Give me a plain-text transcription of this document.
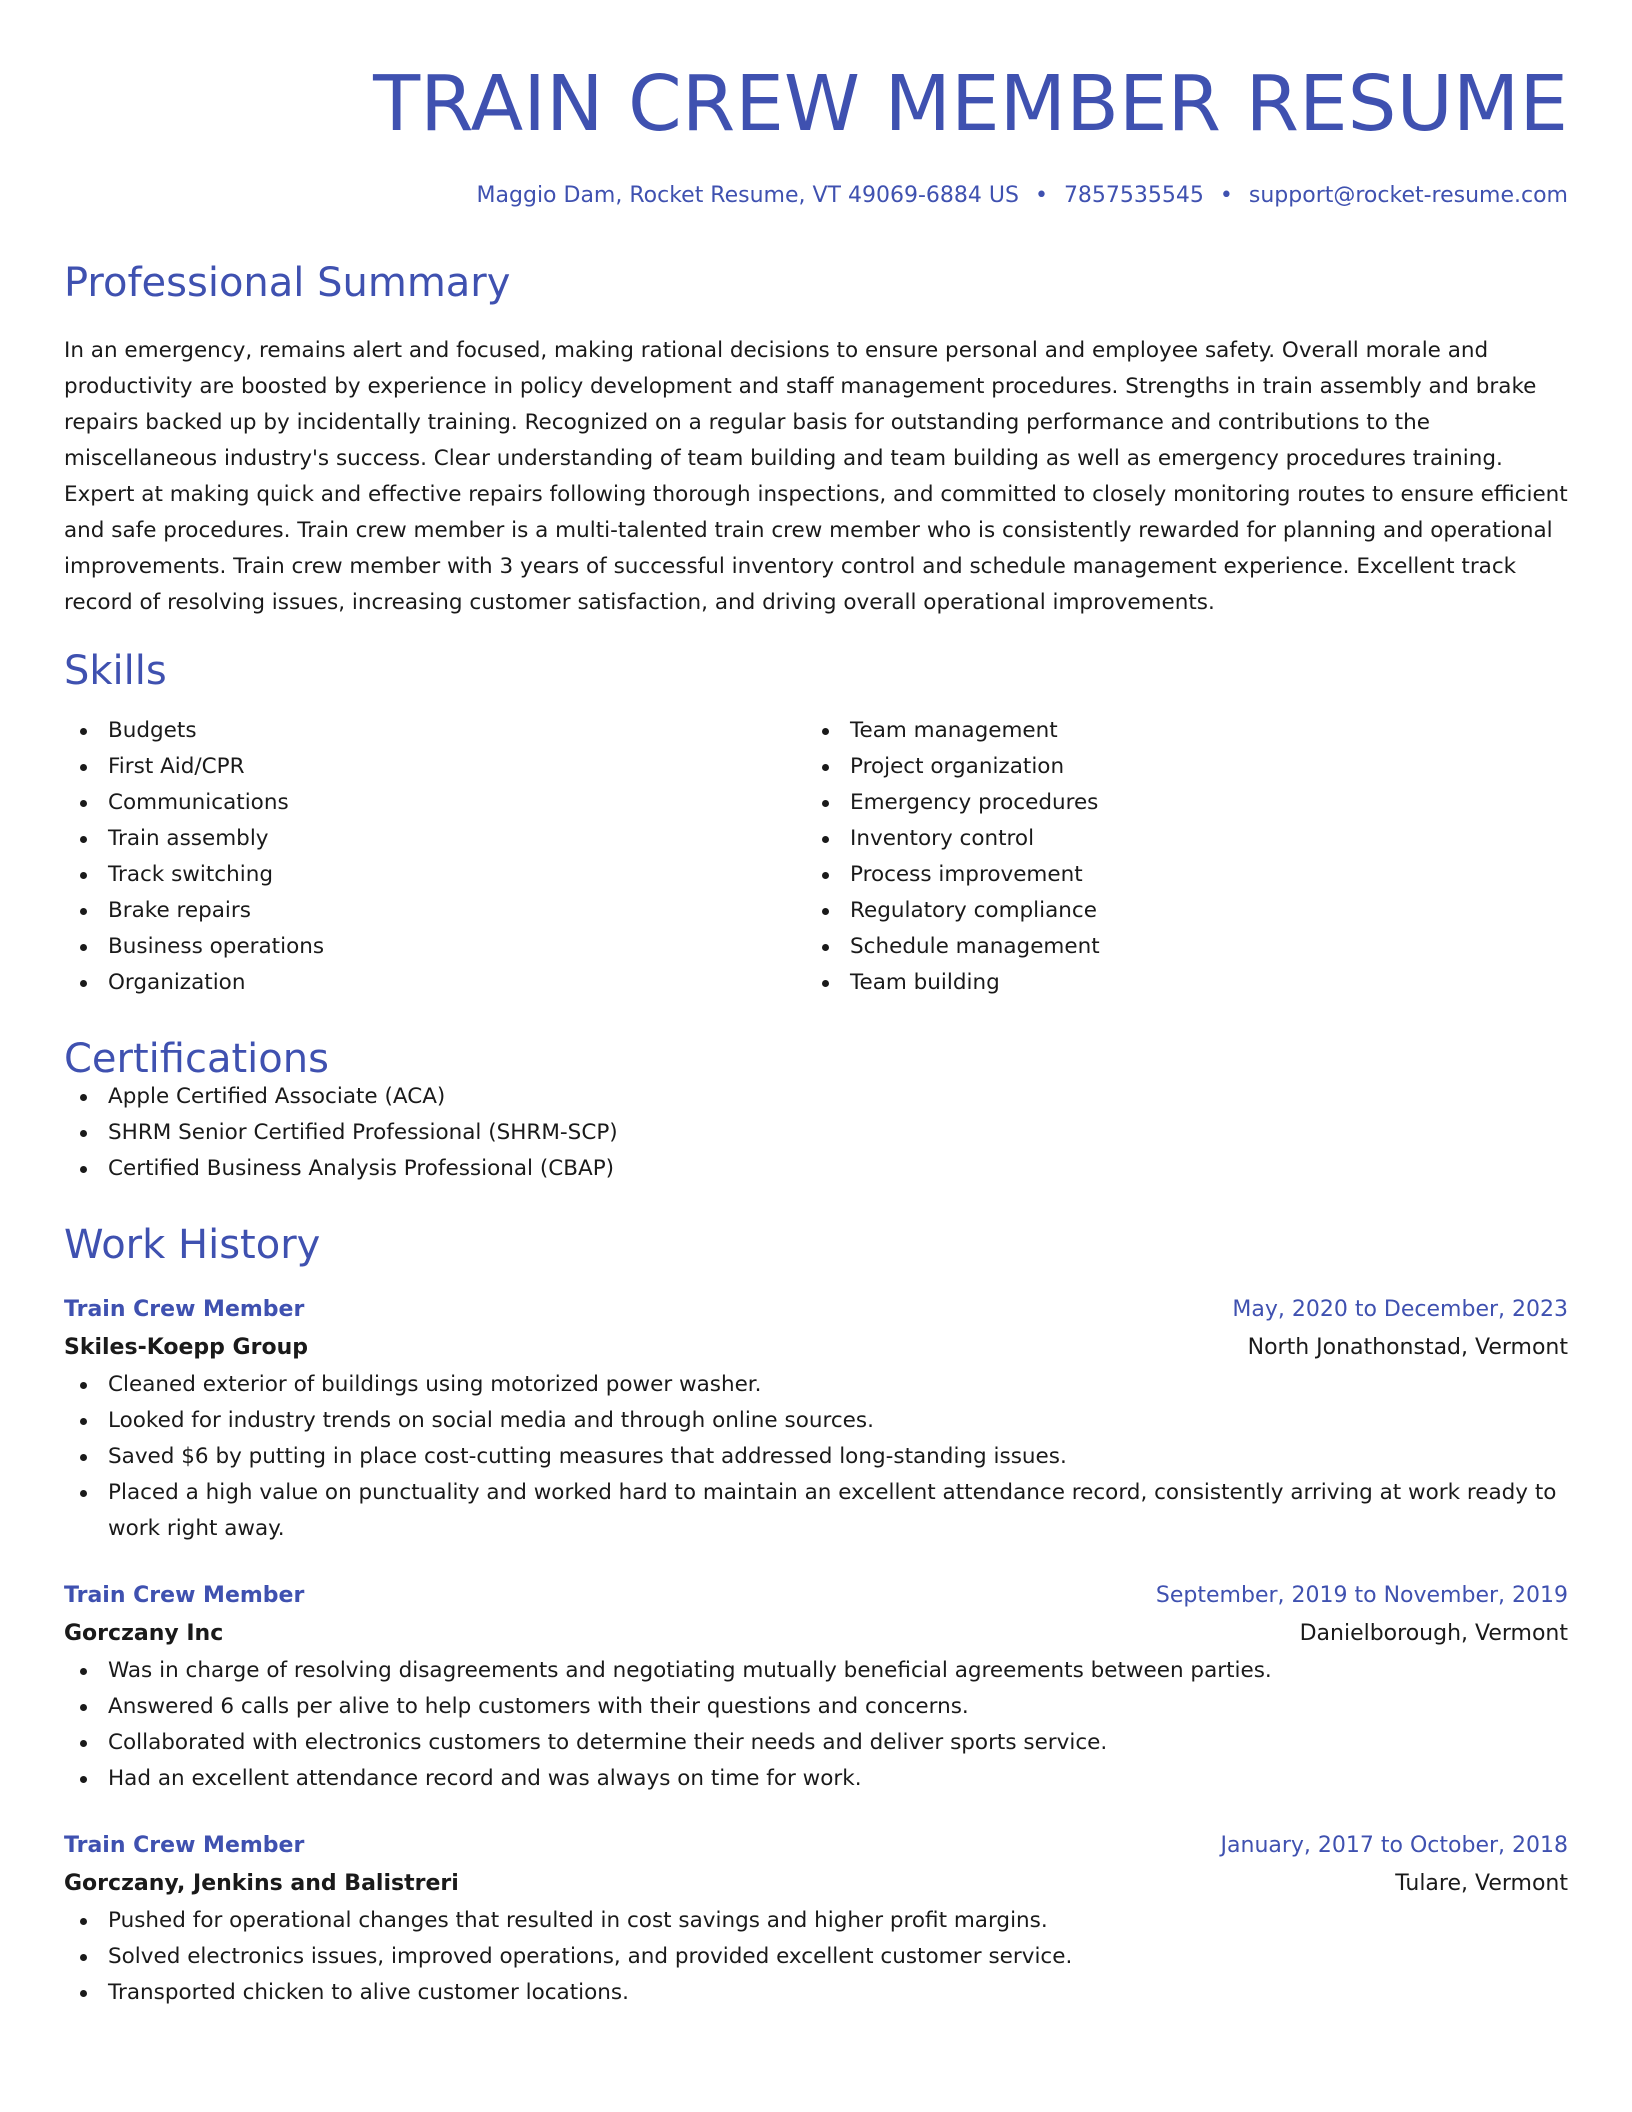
TRAIN CREW MEMBER RESUME
Maggio Dam, Rocket Resume, VT 49069-6884 US • 7857535545 • support@rocket-resume.com
Professional Summary

In an emergency, remains alert and focused, making rational decisions to ensure personal and employee safety. Overall morale and productivity are boosted by experience in policy development and staff management procedures. Strengths in train assembly and brake repairs backed up by incidentally training. Recognized on a regular basis for outstanding performance and contributions to the miscellaneous industry's success. Clear understanding of team building and team building as well as emergency procedures training. Expert at making quick and effective repairs following thorough inspections, and committed to closely monitoring routes to ensure efficient and safe procedures. Train crew member is a multi-talented train crew member who is consistently rewarded for planning and operational improvements. Train crew member with 3 years of successful inventory control and schedule management experience. Excellent track record of resolving issues, increasing customer satisfaction, and driving overall operational improvements.

Skills
Budgets
First Aid/CPR
Communications
Train assembly
Track switching
Brake repairs
Business operations
Organization
Team management
Project organization
Emergency procedures
Inventory control
Process improvement
Regulatory compliance
Schedule management
Team building
Certifications
Apple Certified Associate (ACA)
SHRM Senior Certified Professional (SHRM-SCP)
Certified Business Analysis Professional (CBAP)
Work History
Train Crew Member	May, 2020 to December, 2023
Skiles-Koepp Group	North Jonathonstad, Vermont
Cleaned exterior of buildings using motorized power washer.
Looked for industry trends on social media and through online sources.
Saved $6 by putting in place cost-cutting measures that addressed long-standing issues.
Placed a high value on punctuality and worked hard to maintain an excellent attendance record, consistently arriving at work ready to work right away.
Train Crew Member	September, 2019 to November, 2019
Gorczany Inc	Danielborough, Vermont
Was in charge of resolving disagreements and negotiating mutually beneficial agreements between parties.
Answered 6 calls per alive to help customers with their questions and concerns.
Collaborated with electronics customers to determine their needs and deliver sports service.
Had an excellent attendance record and was always on time for work.
Train Crew Member	January, 2017 to October, 2018
Gorczany, Jenkins and Balistreri	Tulare, Vermont
Pushed for operational changes that resulted in cost savings and higher profit margins.
Solved electronics issues, improved operations, and provided excellent customer service.
Transported chicken to alive customer locations.
